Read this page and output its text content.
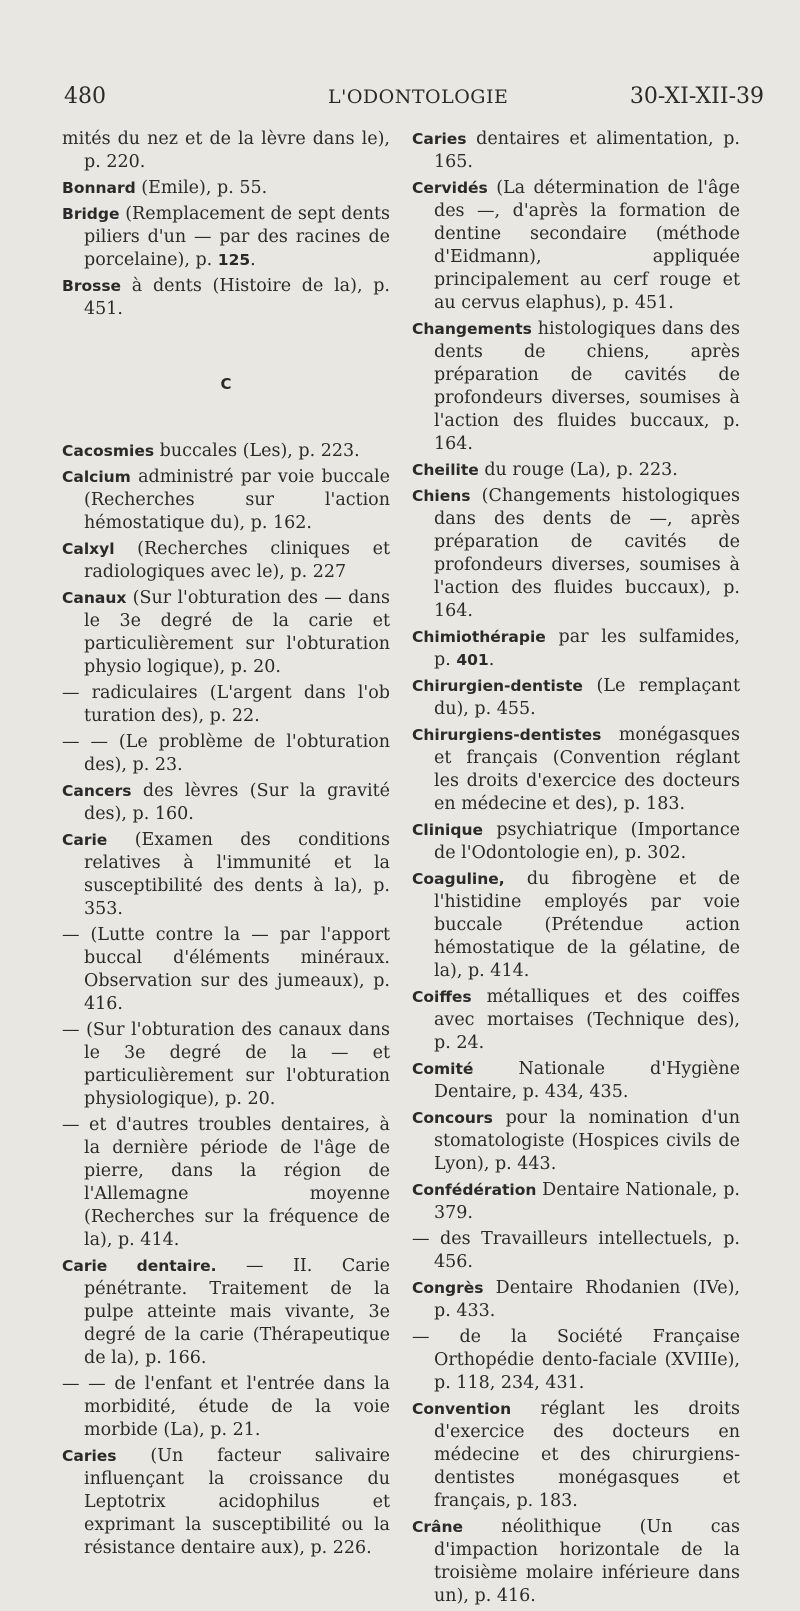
480	L'ODONTOLOGIE	30-XI-XII-39
mités du nez et de la lèvre dans le), p. 220.
Bonnard (Emile), p. 55.
Bridge (Remplacement de sept dents piliers d'un — par des racines de porcelaine), p. 125.
Brosse à dents (Histoire de la), p. 451.
C
Cacosmies buccales (Les), p. 223.
Calcium administré par voie buccale (Recherches sur l'action hémostatique du), p. 162.
Calxyl (Recherches cliniques et radiologiques avec le), p. 227
Canaux (Sur l'obturation des — dans le 3e degré de la carie et particulièrement sur l'obturation physio logique), p. 20.
— radiculaires (L'argent dans l'ob turation des), p. 22.
— — (Le problème de l'obturation des), p. 23.
Cancers des lèvres (Sur la gravité des), p. 160.
Carie (Examen des conditions relatives à l'immunité et la susceptibilité des dents à la), p. 353.
— (Lutte contre la — par l'apport buccal d'éléments minéraux. Observation sur des jumeaux), p. 416.
— (Sur l'obturation des canaux dans le 3e degré de la — et particulièrement sur l'obturation physiologique), p. 20.
— et d'autres troubles dentaires, à la dernière période de l'âge de pierre, dans la région de l'Allemagne moyenne (Recherches sur la fréquence de la), p. 414.
Carie dentaire. — II. Carie pénétrante. Traitement de la pulpe atteinte mais vivante, 3e degré de la carie (Thérapeutique de la), p. 166.
— — de l'enfant et l'entrée dans la morbidité, étude de la voie morbide (La), p. 21.
Caries (Un facteur salivaire influençant la croissance du Leptotrix acidophilus et exprimant la susceptibilité ou la résistance dentaire aux), p. 226.
Caries dentaires et alimentation, p. 165.
Cervidés (La détermination de l'âge des —, d'après la formation de dentine secondaire (méthode d'Eidmann), appliquée principalement au cerf rouge et au cervus elaphus), p. 451.
Changements histologiques dans des dents de chiens, après préparation de cavités de profondeurs diverses, soumises à l'action des fluides buccaux, p. 164.
Cheilite du rouge (La), p. 223.
Chiens (Changements histologiques dans des dents de —, après préparation de cavités de profondeurs diverses, soumises à l'action des fluides buccaux), p. 164.
Chimiothérapie par les sulfamides, p. 401.
Chirurgien-dentiste (Le remplaçant du), p. 455.
Chirurgiens-dentistes monégasques et français (Convention réglant les droits d'exercice des docteurs en médecine et des), p. 183.
Clinique psychiatrique (Importance de l'Odontologie en), p. 302.
Coaguline, du fibrogène et de l'histidine employés par voie buccale (Prétendue action hémostatique de la gélatine, de la), p. 414.
Coiffes métalliques et des coiffes avec mortaises (Technique des), p. 24.
Comité Nationale d'Hygiène Dentaire, p. 434, 435.
Concours pour la nomination d'un stomatologiste (Hospices civils de Lyon), p. 443.
Confédération Dentaire Nationale, p. 379.
— des Travailleurs intellectuels, p. 456.
Congrès Dentaire Rhodanien (IVe), p. 433.
— de la Société Française Orthopédie dento-faciale (XVIIIe), p. 118, 234, 431.
Convention réglant les droits d'exercice des docteurs en médecine et des chirurgiens-dentistes monégasques et français, p. 183.
Crâne néolithique (Un cas d'impaction horizontale de la troisième molaire inférieure dans un), p. 416.
